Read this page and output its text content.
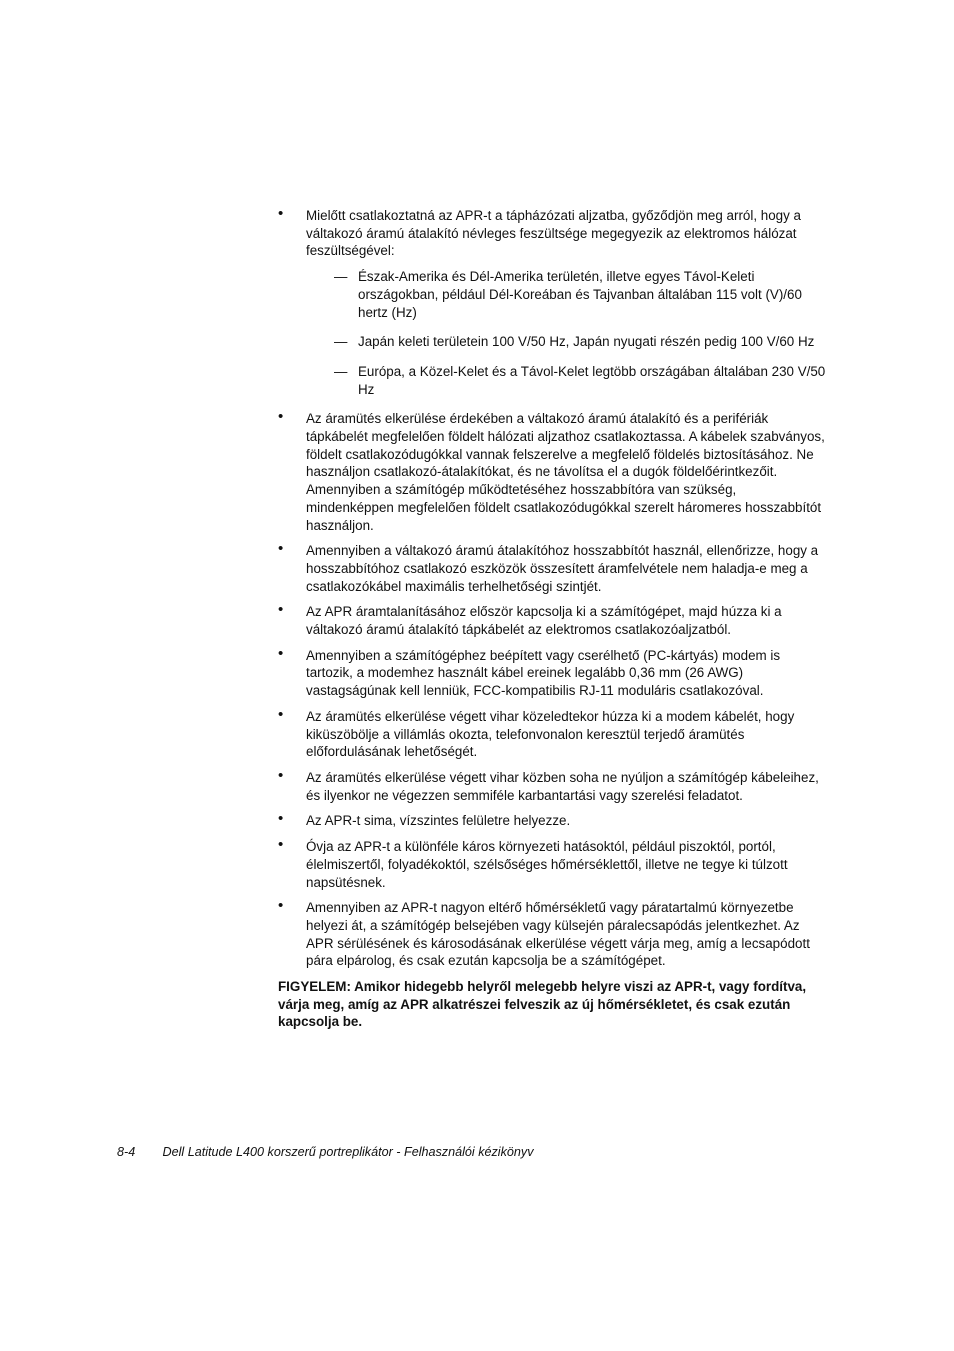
• Mielőtt csatlakoztatná az APR-t a tápházózati aljzatba, győződjön meg arról, hogy a váltakozó áramú átalakító névleges feszültsége megegyezik az elektromos hálózat feszültségével:
— Észak-Amerika és Dél-Amerika területén, illetve egyes Távol-Keleti országokban, például Dél-Koreában és Tajvanban általában 115 volt (V)/60 hertz (Hz)
— Japán keleti területein 100 V/50 Hz, Japán nyugati részén pedig 100 V/60 Hz
— Európa, a Közel-Kelet és a Távol-Kelet legtöbb országában általában 230 V/50 Hz
• Az áramütés elkerülése érdekében a váltakozó áramú átalakító és a perifériák tápkábelét megfelelően földelt hálózati aljzathoz csatlakoztassa. A kábelek szabványos, földelt csatlakozódugókkal vannak felszerelve a megfelelő földelés biztosításához. Ne használjon csatlakozó-átalakítókat, és ne távolítsa el a dugók földelőérintkezőit. Amennyiben a számítógép működtetéséhez hosszabbítóra van szükség, mindenképpen megfelelően földelt csatlakozódugókkal szerelt háromeres hosszabbítót használjon.
• Amennyiben a váltakozó áramú átalakítóhoz hosszabbítót használ, ellenőrizze, hogy a hosszabbítóhoz csatlakozó eszközök összesített áramfelvétele nem haladja-e meg a csatlakozókábel maximális terhelhetőségi szintjét.
• Az APR áramtalanításához először kapcsolja ki a számítógépet, majd húzza ki a váltakozó áramú átalakító tápkábelét az elektromos csatlakozóaljzatból.
• Amennyiben a számítógéphez beépített vagy cserélhető (PC-kártyás) modem is tartozik, a modemhez használt kábel ereinek legalább 0,36 mm (26 AWG) vastagságúnak kell lenniük, FCC-kompatibilis RJ-11 moduláris csatlakozóval.
• Az áramütés elkerülése végett vihar közeledtekor húzza ki a modem kábelét, hogy kiküszöbölje a villámlás okozta, telefonvonalon keresztül terjedő áramütés előfordulásának lehetőségét.
• Az áramütés elkerülése végett vihar közben soha ne nyúljon a számítógép kábeleihez, és ilyenkor ne végezzen semmiféle karbantartási vagy szerelési feladatot.
• Az APR-t sima, vízszintes felületre helyezze.
• Óvja az APR-t a különféle káros környezeti hatásoktól, például piszoktól, portól, élelmiszertől, folyadékoktól, szélsőséges hőmérséklettől, illetve ne tegye ki túlzott napsütésnek.
• Amennyiben az APR-t nagyon eltérő hőmérsékletű vagy páratartalmú környezetbe helyezi át, a számítógép belsejében vagy külsején páralecsapódás jelentkezhet. Az APR sérülésének és károsodásának elkerülése végett várja meg, amíg a lecsapódott pára elpárolog, és csak ezután kapcsolja be a számítógépet.
FIGYELEM: Amikor hidegebb helyről melegebb helyre viszi az APR-t, vagy fordítva, várja meg, amíg az APR alkatrészei felveszik az új hőmérsékletet, és csak ezután kapcsolja be.
8-4 Dell Latitude L400 korszerű portreplikátor - Felhasználói kézikönyv
